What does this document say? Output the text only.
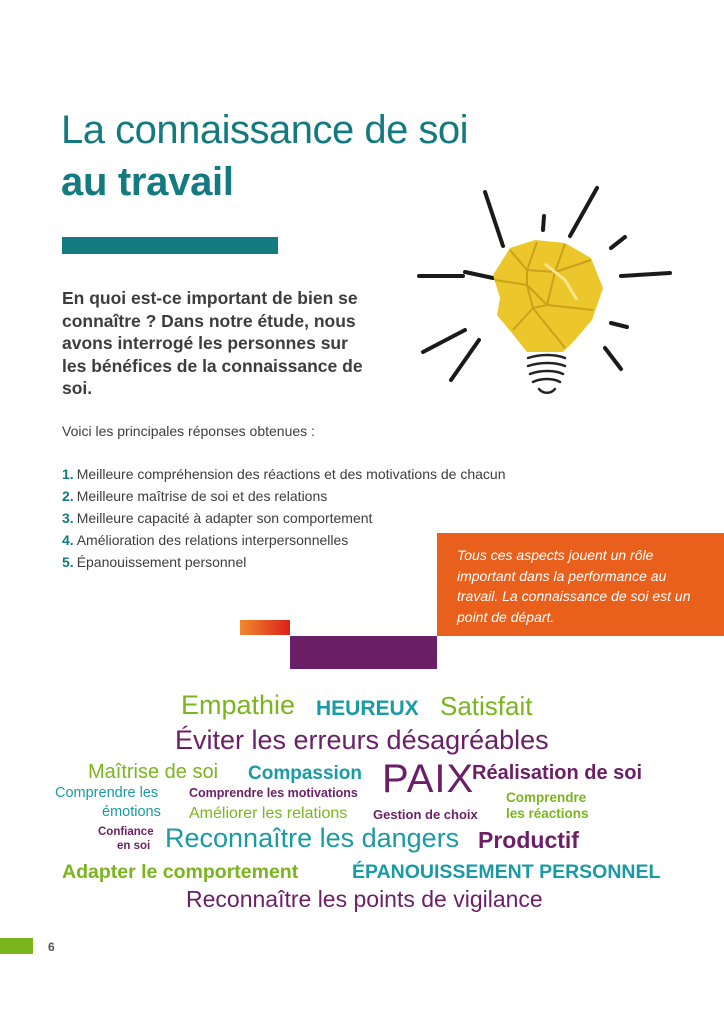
La connaissance de soi
au travail
En quoi est-ce important de bien se connaître ? Dans notre étude, nous avons interrogé les personnes sur les bénéfices de la connaissance de soi.
Voici les principales réponses obtenues :
1. Meilleure compréhension des réactions et des motivations de chacun
2. Meilleure maîtrise de soi et des relations
3. Meilleure capacité à adapter son comportement
4. Amélioration des relations interpersonnelles
5. Épanouissement personnel	Tous ces aspects jouent un rôle important dans la performance au travail. La connaissance de soi est un point de départ.

Empathie HEUREUX Satisfait
Éviter les erreurs désagréables
Maîtrise de soi Compassion PAIX
Réalisation de soi
Comprendre les
émotions
Comprendre les motivations	Comprendre
les réactions
Améliorer les relations Gestion de choix
Confiance
en soi Reconnaître les dangers Productif
Adapter le comportement	ÉPANOUISSEMENT PERSONNEL
Reconnaître les points de vigilance
6
